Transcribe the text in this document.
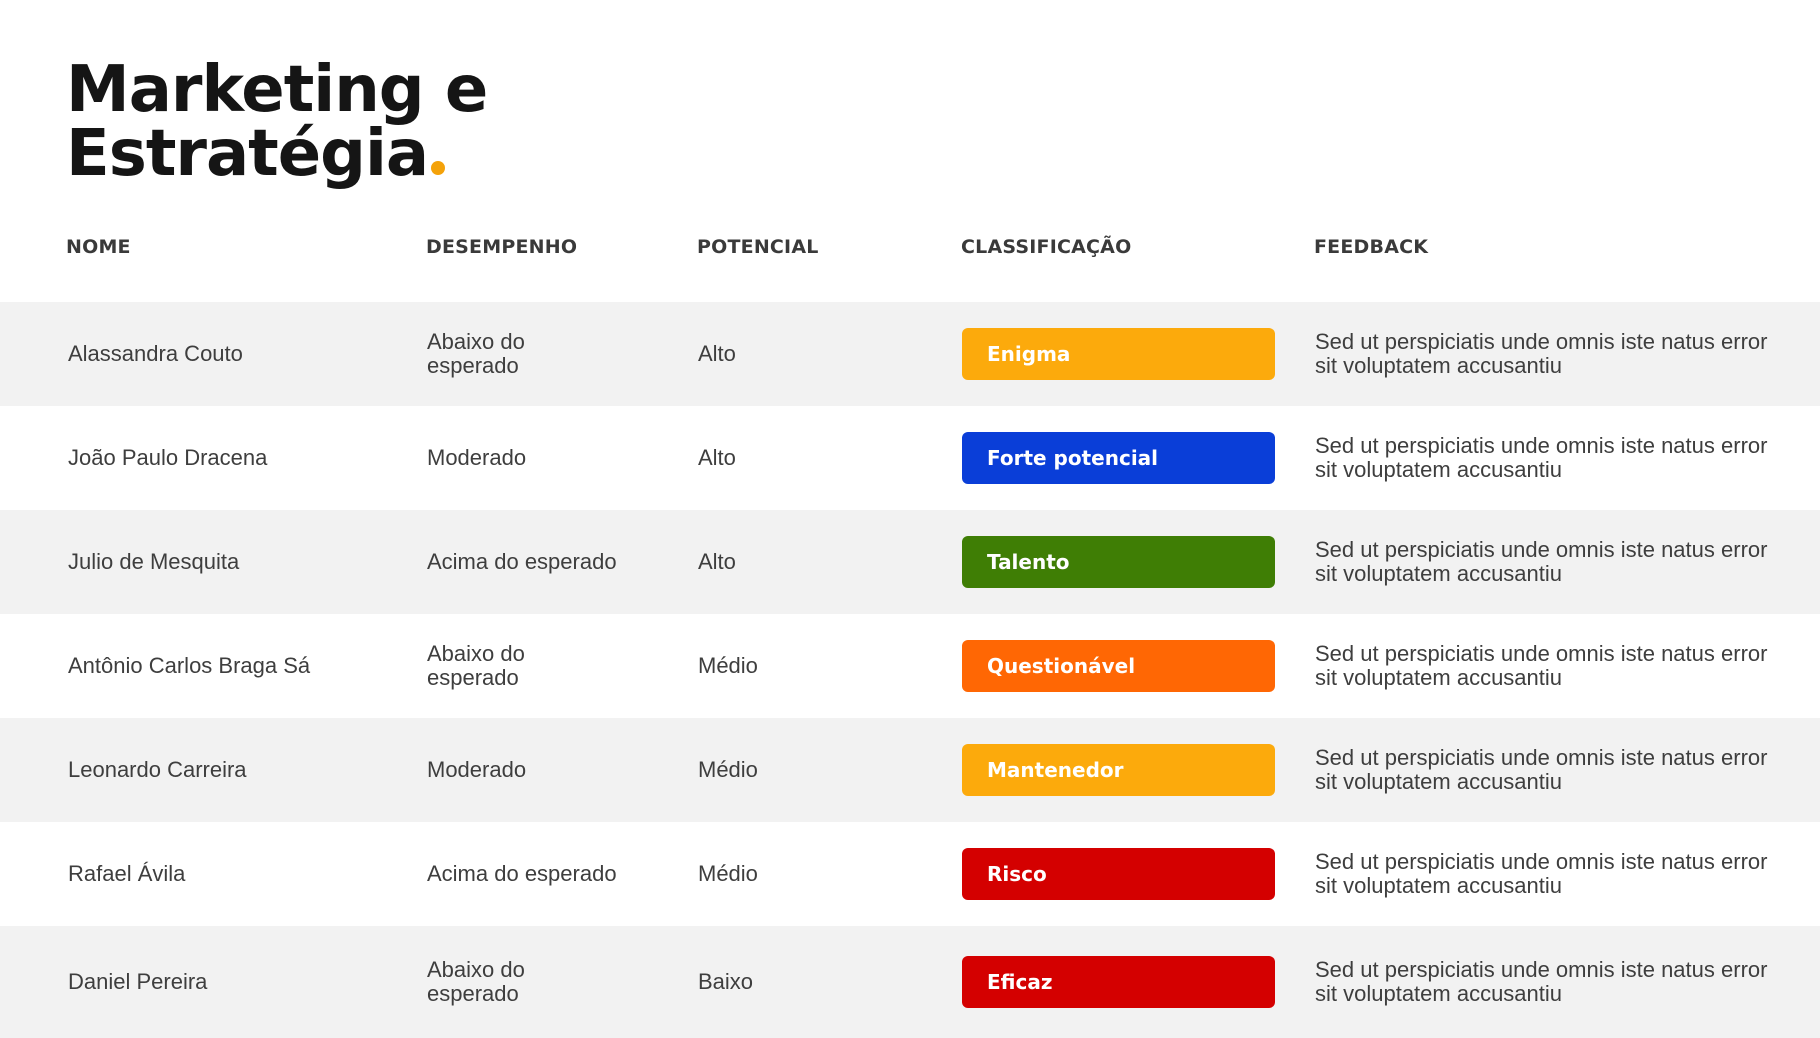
Marketing e
Estratégia
NOME	DESEMPENHO	POTENCIAL	CLASSIFICAÇÃO	FEEDBACK
Alassandra Couto	Abaixo do esperado	Alto	Enigma	Sed ut perspiciatis unde omnis iste natus error sit voluptatem accusantiu
João Paulo Dracena	Moderado	Alto	Forte potencial	Sed ut perspiciatis unde omnis iste natus error sit voluptatem accusantiu
Julio de Mesquita	Acima do esperado	Alto	Talento	Sed ut perspiciatis unde omnis iste natus error sit voluptatem accusantiu
Antônio Carlos Braga Sá	Abaixo do esperado	Médio	Questionável	Sed ut perspiciatis unde omnis iste natus error sit voluptatem accusantiu
Leonardo Carreira	Moderado	Médio	Mantenedor	Sed ut perspiciatis unde omnis iste natus error sit voluptatem accusantiu
Rafael Ávila	Acima do esperado	Médio	Risco	Sed ut perspiciatis unde omnis iste natus error sit voluptatem accusantiu
Daniel Pereira	Abaixo do esperado	Baixo	Eficaz	Sed ut perspiciatis unde omnis iste natus error sit voluptatem accusantiu
